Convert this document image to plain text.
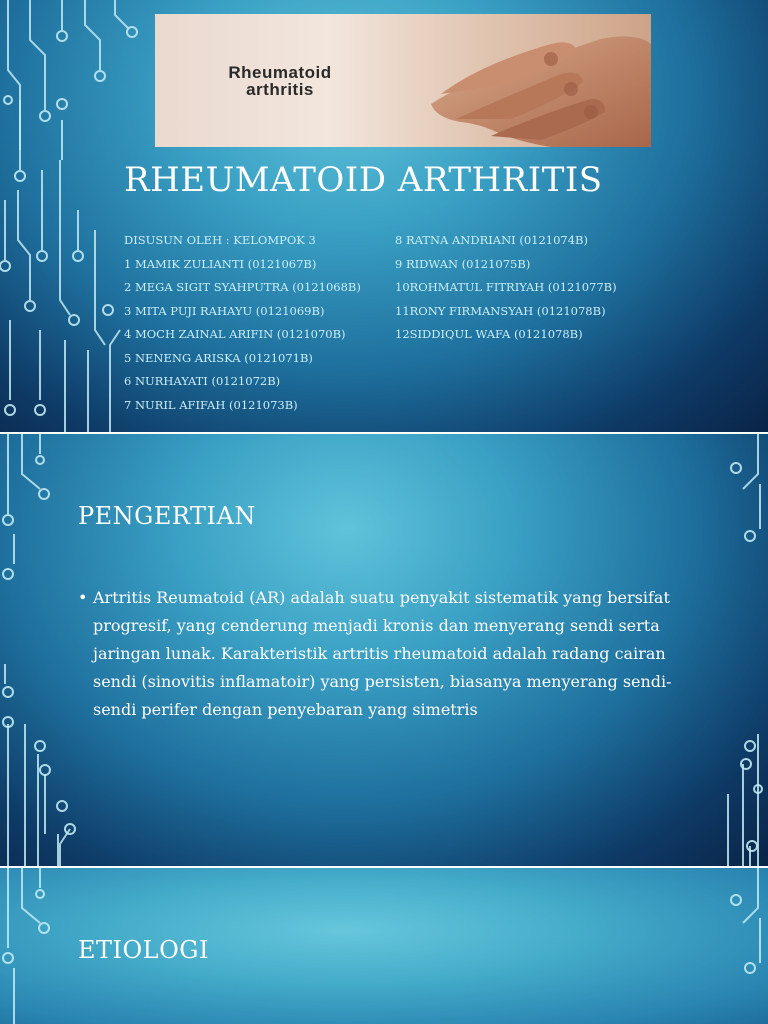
Rheumatoid
arthritis
RHEUMATOID ARTHRITIS
DISUSUN OLEH : KELOMPOK 3
1 MAMIK ZULIANTI (0121067B)
2 MEGA SIGIT SYAHPUTRA (0121068B)
3 MITA PUJI RAHAYU (0121069B)
4 MOCH ZAINAL ARIFIN (0121070B)
5 NENENG ARISKA (0121071B)
6 NURHAYATI (0121072B)
7 NURIL AFIFAH (0121073B)
8 RATNA ANDRIANI (0121074B)
9 RIDWAN (0121075B)
10ROHMATUL FITRIYAH (0121077B)
11RONY FIRMANSYAH (0121078B)
12SIDDIQUL WAFA (0121078B)
PENGERTIAN
• Artritis Reumatoid (AR) adalah suatu penyakit sistematik yang bersifat progresif, yang cenderung menjadi kronis dan menyerang sendi serta jaringan lunak. Karakteristik artritis rheumatoid adalah radang cairan sendi (sinovitis inflamatoir) yang persisten, biasanya menyerang sendi-sendi perifer dengan penyebaran yang simetris
ETIOLOGI
